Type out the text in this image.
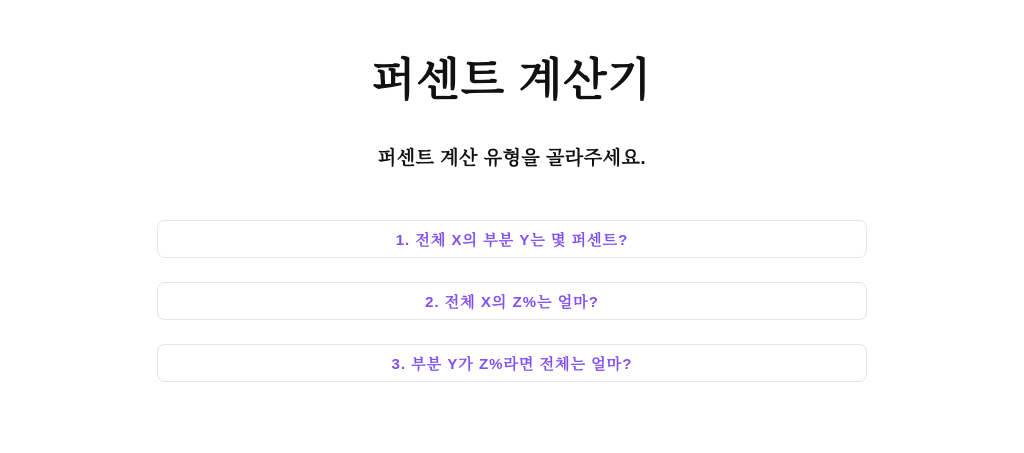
퍼센트 계산기

퍼센트 계산 유형을 골라주세요.

1. 전체 X의 부분 Y는 몇 퍼센트?
2. 전체 X의 Z%는 얼마?
3. 부분 Y가 Z%라면 전체는 얼마?
